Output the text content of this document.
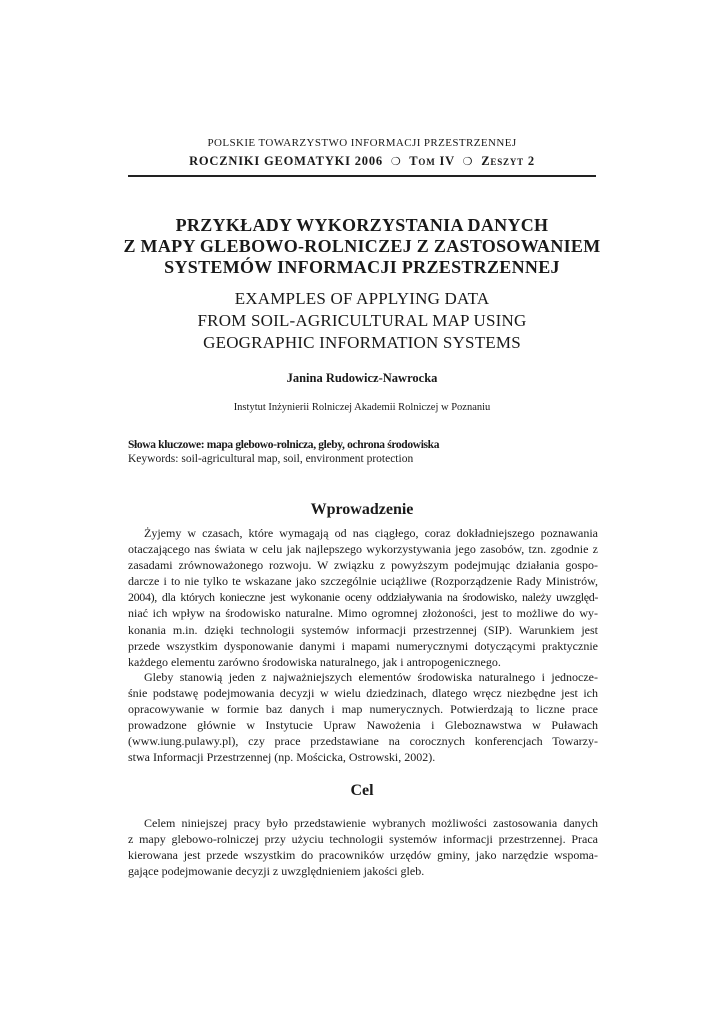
POLSKIE TOWARZYSTWO INFORMACJI PRZESTRZENNEJ
ROCZNIKI GEOMATYKI 2006 ❍ Tom IV ❍ Zeszyt 2
PRZYKŁADY WYKORZYSTANIA DANYCH
Z MAPY GLEBOWO-ROLNICZEJ Z ZASTOSOWANIEM
SYSTEMÓW INFORMACJI PRZESTRZENNEJ
EXAMPLES OF APPLYING DATA
FROM SOIL-AGRICULTURAL MAP USING
GEOGRAPHIC INFORMATION SYSTEMS
Janina Rudowicz-Nawrocka
Instytut Inżynierii Rolniczej Akademii Rolniczej w Poznaniu
Słowa kluczowe: mapa glebowo-rolnicza, gleby, ochrona środowiska
Keywords: soil-agricultural map, soil, environment protection
Wprowadzenie
Żyjemy w czasach, które wymagają od nas ciągłego, coraz dokładniejszego poznawania
otaczającego nas świata w celu jak najlepszego wykorzystywania jego zasobów, tzn. zgodnie z
zasadami zrównoważonego rozwoju. W związku z powyższym podejmując działania gospo-
darcze i to nie tylko te wskazane jako szczególnie uciążliwe (Rozporządzenie Rady Ministrów,
2004), dla których konieczne jest wykonanie oceny oddziaływania na środowisko, należy uwzględ-
niać ich wpływ na środowisko naturalne. Mimo ogromnej złożoności, jest to możliwe do wy-
konania m.in. dzięki technologii systemów informacji przestrzennej (SIP). Warunkiem jest
przede wszystkim dysponowanie danymi i mapami numerycznymi dotyczącymi praktycznie
każdego elementu zarówno środowiska naturalnego, jak i antropogenicznego.
Gleby stanowią jeden z najważniejszych elementów środowiska naturalnego i jednocze-
śnie podstawę podejmowania decyzji w wielu dziedzinach, dlatego wręcz niezbędne jest ich
opracowywanie w formie baz danych i map numerycznych. Potwierdzają to liczne prace
prowadzone głównie w Instytucie Upraw Nawożenia i Gleboznawstwa w Puławach
(www.iung.pulawy.pl), czy prace przedstawiane na corocznych konferencjach Towarzy-
stwa Informacji Przestrzennej (np. Mościcka, Ostrowski, 2002).
Cel
Celem niniejszej pracy było przedstawienie wybranych możliwości zastosowania danych
z mapy glebowo-rolniczej przy użyciu technologii systemów informacji przestrzennej. Praca
kierowana jest przede wszystkim do pracowników urzędów gminy, jako narzędzie wspoma-
gające podejmowanie decyzji z uwzględnieniem jakości gleb.
